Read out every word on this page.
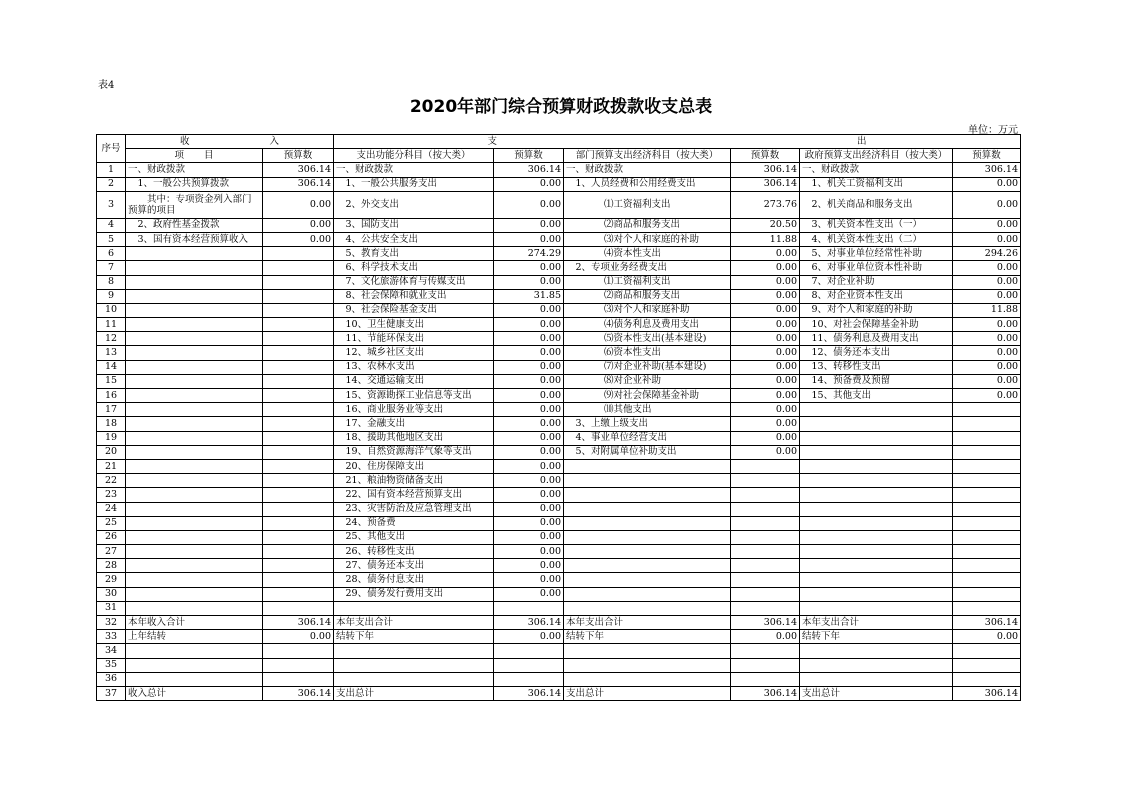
表4
2020年部门综合预算财政拨款收支总表
单位：万元
序号	收 入		支 出					
	项 目	预算数	支出功能分科目（按大类）	预算数	部门预算支出经济科目（按大类）	预算数	政府预算支出经济科目（按大类）	预算数
1	一、财政拨款	306.14	一、财政拨款	306.14	一、财政拨款	306.14	一、财政拨款	306.14
2	　1、一般公共预算拨款	306.14	　1、一般公共服务支出	0.00	　1、人员经费和公用经费支出	306.14	　1、机关工资福利支出	0.00
3	　　其中：专项资金列入部门预算的项目	0.00	　2、外交支出	0.00	　　　　⑴工资福利支出	273.76	　2、机关商品和服务支出	0.00
4	　2、政府性基金拨款	0.00	　3、国防支出	0.00	　　　　⑵商品和服务支出	20.50	　3、机关资本性支出（一）	0.00
5	　3、国有资本经营预算收入	0.00	　4、公共安全支出	0.00	　　　　⑶对个人和家庭的补助	11.88	　4、机关资本性支出（二）	0.00
6			　5、教育支出	274.29	　　　　⑷资本性支出	0.00	　5、对事业单位经常性补助	294.26
7			　6、科学技术支出	0.00	　2、专项业务经费支出	0.00	　6、对事业单位资本性补助	0.00
8			　7、文化旅游体育与传媒支出	0.00	　　　　⑴工资福利支出	0.00	　7、对企业补助	0.00
9			　8、社会保障和就业支出	31.85	　　　　⑵商品和服务支出	0.00	　8、对企业资本性支出	0.00
10			　9、社会保险基金支出	0.00	　　　　⑶对个人和家庭补助	0.00	　9、对个人和家庭的补助	11.88
11			　10、卫生健康支出	0.00	　　　　⑷债务利息及费用支出	0.00	　10、对社会保障基金补助	0.00
12			　11、节能环保支出	0.00	　　　　⑸资本性支出(基本建设)	0.00	　11、债务利息及费用支出	0.00
13			　12、城乡社区支出	0.00	　　　　⑹资本性支出	0.00	　12、债务还本支出	0.00
14			　13、农林水支出	0.00	　　　　⑺对企业补助(基本建设)	0.00	　13、转移性支出	0.00
15			　14、交通运输支出	0.00	　　　　⑻对企业补助	0.00	　14、预备费及预留	0.00
16			　15、资源勘探工业信息等支出	0.00	　　　　⑼对社会保障基金补助	0.00	　15、其他支出	0.00
17			　16、商业服务业等支出	0.00	　　　　⑽其他支出	0.00		
18			　17、金融支出	0.00	　3、上缴上级支出	0.00		
19			　18、援助其他地区支出	0.00	　4、事业单位经营支出	0.00		
20			　19、自然资源海洋气象等支出	0.00	　5、对附属单位补助支出	0.00		
21			　20、住房保障支出	0.00				
22			　21、粮油物资储备支出	0.00				
23			　22、国有资本经营预算支出	0.00				
24			　23、灾害防治及应急管理支出	0.00				
25			　24、预备费	0.00				
26			　25、其他支出	0.00				
27			　26、转移性支出	0.00				
28			　27、债务还本支出	0.00				
29			　28、债务付息支出	0.00				
30			　29、债务发行费用支出	0.00				
31								
32	本年收入合计	306.14	本年支出合计	306.14	本年支出合计	306.14	本年支出合计	306.14
33	上年结转	0.00	结转下年	0.00	结转下年	0.00	结转下年	0.00
34								
35								
36								
37	收入总计	306.14	支出总计	306.14	支出总计	306.14	支出总计	306.14
